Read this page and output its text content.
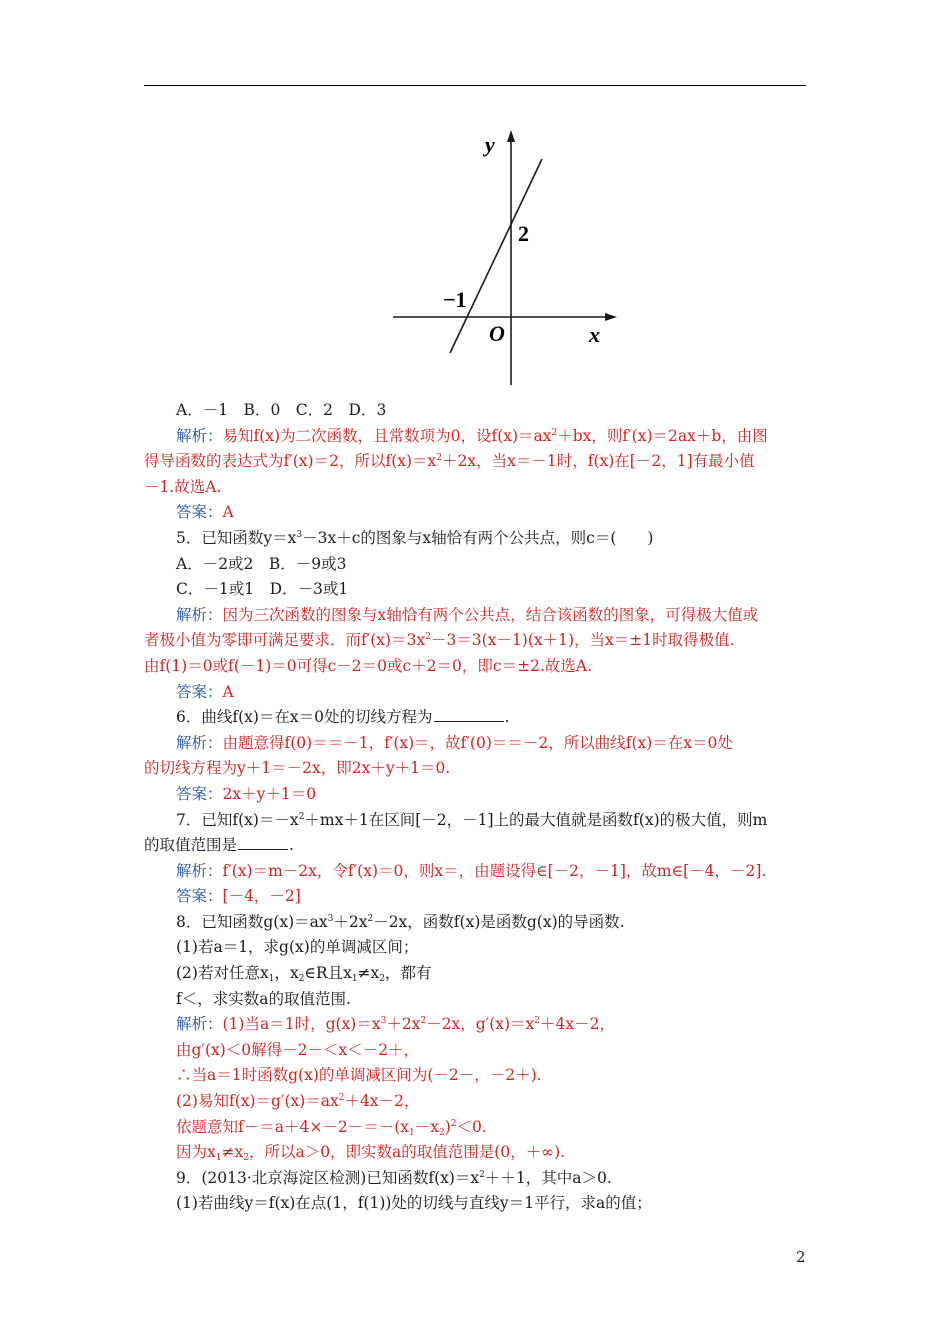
y
2
−1
O	x
A．－1　B．0　C．2　D．3
解析：易知f(x)为二次函数，且常数项为0，设$f(x)=ax^2+bx$，则f′(x)＝2ax＋b，由图
得导函数的表达式为f′(x)＝2，所以$f(x)=x^2+2x$，当x＝－1时，f(x)在[－2，1]有最小值
－1.故选A.
答案：A
5．已知函数$y=x^3-3x+c$的图象与x轴恰有两个公共点，则c＝(　　)
A．－2或2　B．－9或3
C．－1或1　D．－3或1
解析：因为三次函数的图象与x轴恰有两个公共点，结合该函数的图象，可得极大值或
者极小值为零即可满足要求．而$f'(x)=3x^2-3=3(x-1)(x+1)$，当x＝±1时取得极值.
由f(1)＝0或f(－1)＝0可得c－2＝0或c＋2＝0，即c＝±2.故选A.
答案：A
6．曲线f(x)＝在x＝0处的切线方程为	.
解析：由题意得f(0)＝＝－1，f′(x)＝，故f′(0)＝＝－2，所以曲线f(x)＝在x＝0处
的切线方程为y＋1＝－2x，即2x＋y＋1＝0.
答案：2x＋y＋1＝0
7．已知$f(x)=-x^2+mx+1$在区间[－2，－1]上的最大值就是函数f(x)的极大值，则m
的取值范围是	.
解析：f′(x)＝m－2x，令f′(x)＝0，则x＝，由题设得∈[－2，－1]，故m∈[－4，－2].
答案：[－4，－2]
8．已知函数$g(x)=ax^3+2x^2-2x$，函数f(x)是函数g(x)的导函数.
(1)若a＝1，求g(x)的单调减区间；
(2)若对任意$x_1$，$x_2\in R$且$x_1\ne x_2$，都有
f＜，求实数a的取值范围.
解析：(1)当a＝1时，$g(x)=x^3+2x^2-2x$，$g'(x)=x^2+4x-2$，
由g′(x)＜0解得－2－＜x＜－2＋，
∴当a＝1时函数g(x)的单调减区间为(－2－，－2＋).
(2)易知$f(x)=g'(x)=ax^2+4x-2$，
依题意知$f-=a+4\times-2-=-(x_1-x_2)^2<0$.
因为$x_1\ne x_2$，所以a＞0，即实数a的取值范围是(0，＋∞).
9．(2013·北京海淀区检测)已知函数$f(x)=x^2++1$，其中a＞0.
(1)若曲线y＝f(x)在点(1，f(1))处的切线与直线y＝1平行，求a的值；
2
